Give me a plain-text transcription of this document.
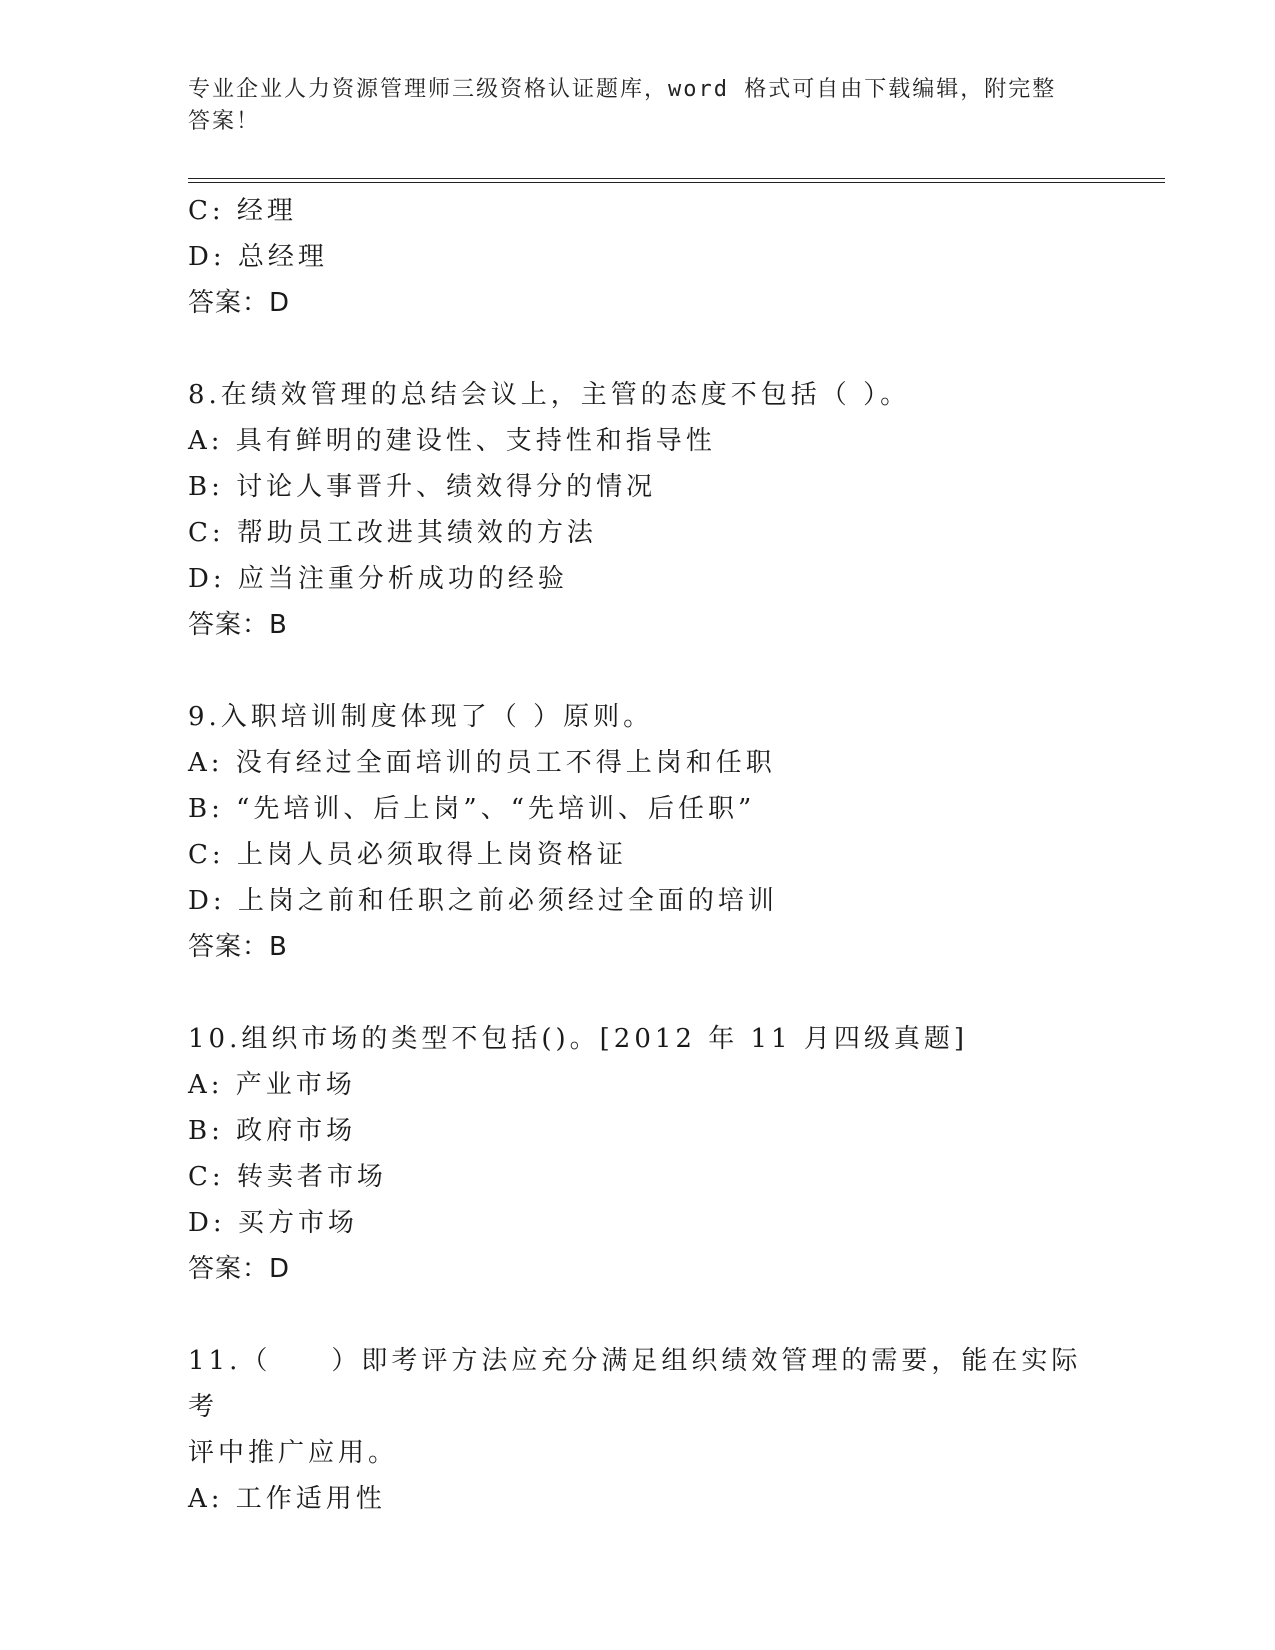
专业企业人力资源管理师三级资格认证题库，word 格式可自由下载编辑，附完整
答案！
C: 经理
D: 总经理
答案：D
8.在绩效管理的总结会议上，主管的态度不包括（ ）。
A: 具有鲜明的建设性、支持性和指导性
B: 讨论人事晋升、绩效得分的情况
C: 帮助员工改进其绩效的方法
D: 应当注重分析成功的经验
答案：B
9.入职培训制度体现了（ ）原则。
A: 没有经过全面培训的员工不得上岗和任职
B: “先培训、后上岗”、“先培训、后任职”
C: 上岗人员必须取得上岗资格证
D: 上岗之前和任职之前必须经过全面的培训
答案：B
10.组织市场的类型不包括()。[2012 年 11 月四级真题]
A: 产业市场
B: 政府市场
C: 转卖者市场
D: 买方市场
答案：D
11.（　　）即考评方法应充分满足组织绩效管理的需要，能在实际考
评中推广应用。
A: 工作适用性
